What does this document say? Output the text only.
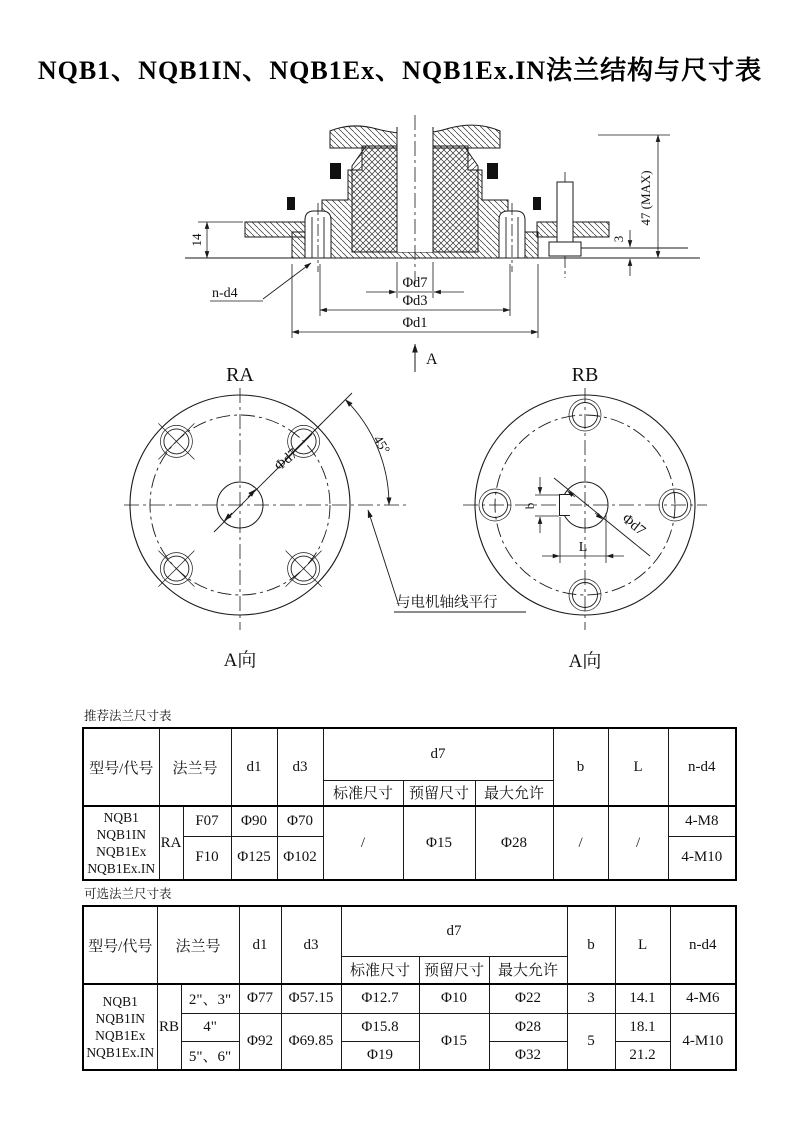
NQB1、NQB1IN、NQB1Ex、NQB1Ex.IN法兰结构与尺寸表
14
47 (MAX)
3
n-d4
Φd7
Φd3
Φd1
A
RA
Φd7
45°
与电机轴线平行
A向
RB
b
L
Φd7
A向
推荐法兰尺寸表
型号/代号	法兰号		d1	d3	d7			b	L	n-d4
					标准尺寸	预留尺寸	最大允许			

NQB1
NQB1IN
NQB1Ex
NQB1Ex.IN	RA	F07	Φ90	Φ70	/	Φ15	Φ28	/	/	4-M8
		F10	Φ125	Φ102						4-M10
可选法兰尺寸表
型号/代号	法兰号		d1	d3	d7			b	L	n-d4
					标准尺寸	预留尺寸	最大允许			

NQB1
NQB1IN
NQB1Ex
NQB1Ex.IN	RB	2"、3"	Φ77	Φ57.15	Φ12.7	Φ10	Φ22	3	14.1	4-M6
		4"	Φ92	Φ69.85	Φ15.8	Φ15	Φ28	5	18.1	4-M10
		5"、6"			Φ19		Φ32		21.2	
